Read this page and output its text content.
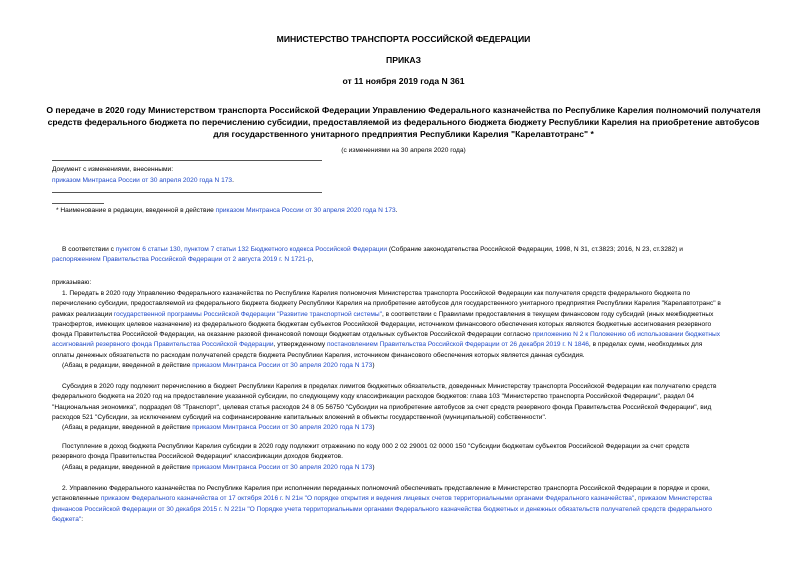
МИНИСТЕРСТВО ТРАНСПОРТА РОССИЙСКОЙ ФЕДЕРАЦИИ
ПРИКАЗ
от 11 ноября 2019 года N 361
О передаче в 2020 году Министерством транспорта Российской Федерации Управлению Федерального казначейства по Республике Карелия полномочий получателя средств федерального бюджета по перечислению субсидии, предоставляемой из федерального бюджета бюджету Республики Карелия на приобретение автобусов для государственного унитарного предприятия Республики Карелия "Карелавтотранс" *
(с изменениями на 30 апреля 2020 года)
Документ с изменениями, внесенными:
приказом Минтранса России от 30 апреля 2020 года N 173.
* Наименование в редакции, введенной в действие приказом Минтранса России от 30 апреля 2020 года N 173.
В соответствии с пунктом 6 статьи 130, пунктом 7 статьи 132 Бюджетного кодекса Российской Федерации (Собрание законодательства Российской Федерации, 1998, N 31, ст.3823; 2016, N 23, ст.3282) и
распоряжением Правительства Российской Федерации от 2 августа 2019 г. N 1721-р,
приказываю:
1. Передать в 2020 году Управлению Федерального казначейства по Республике Карелия полномочия Министерства транспорта Российской Федерации как получателя средств федерального бюджета по
перечислению субсидии, предоставляемой из федерального бюджета бюджету Республики Карелия на приобретение автобусов для государственного унитарного предприятия Республики Карелия "Карелавтотранс" в
рамках реализации государственной программы Российской Федерации "Развитие транспортной системы", в соответствии с Правилами предоставления в текущем финансовом году субсидий (иных межбюджетных
трансфертов, имеющих целевое назначение) из федерального бюджета бюджетам субъектов Российской Федерации, источником финансового обеспечения которых являются бюджетные ассигнования резервного
фонда Правительства Российской Федерации, на оказание разовой финансовой помощи бюджетам отдельных субъектов Российской Федерации согласно приложению N 2 к Положению об использовании бюджетных
ассигнований резервного фонда Правительства Российской Федерации, утвержденному постановлением Правительства Российской Федерации от 26 декабря 2019 г. N 1846, в пределах сумм, необходимых для
оплаты денежных обязательств по расходам получателей средств бюджета Республики Карелия, источником финансового обеспечения которых является данная субсидия.
(Абзац в редакции, введенной в действие приказом Минтранса России от 30 апреля 2020 года N 173)
Субсидия в 2020 году подлежит перечислению в бюджет Республики Карелия в пределах лимитов бюджетных обязательств, доведенных Министерству транспорта Российской Федерации как получателю средств
федерального бюджета на 2020 год на предоставление указанной субсидии, по следующему коду классификации расходов бюджетов: глава 103 "Министерство транспорта Российской Федерации", раздел 04
"Национальная экономика", подраздел 08 "Транспорт", целевая статья расходов 24 8 05 56750 "Субсидии на приобретение автобусов за счет средств резервного фонда Правительства Российской Федерации", вид
расходов 521 "Субсидии, за исключением субсидий на софинансирование капитальных вложений в объекты государственной (муниципальной) собственности".
(Абзац в редакции, введенной в действие приказом Минтранса России от 30 апреля 2020 года N 173)
Поступление в доход бюджета Республики Карелия субсидии в 2020 году подлежит отражению по коду 000 2 02 29001 02 0000 150 "Субсидии бюджетам субъектов Российской Федерации за счет средств
резервного фонда Правительства Российской Федерации" классификации доходов бюджетов.
(Абзац в редакции, введенной в действие приказом Минтранса России от 30 апреля 2020 года N 173)
2. Управлению Федерального казначейства по Республике Карелия при исполнении переданных полномочий обеспечивать представление в Министерство транспорта Российской Федерации в порядке и сроки,
установленные приказом Федерального казначейства от 17 октября 2016 г. N 21н "О порядке открытия и ведения лицевых счетов территориальными органами Федерального казначейства", приказом Министерства
финансов Российской Федерации от 30 декабря 2015 г. N 221н "О Порядке учета территориальными органами Федерального казначейства бюджетных и денежных обязательств получателей средств федерального
бюджета":
